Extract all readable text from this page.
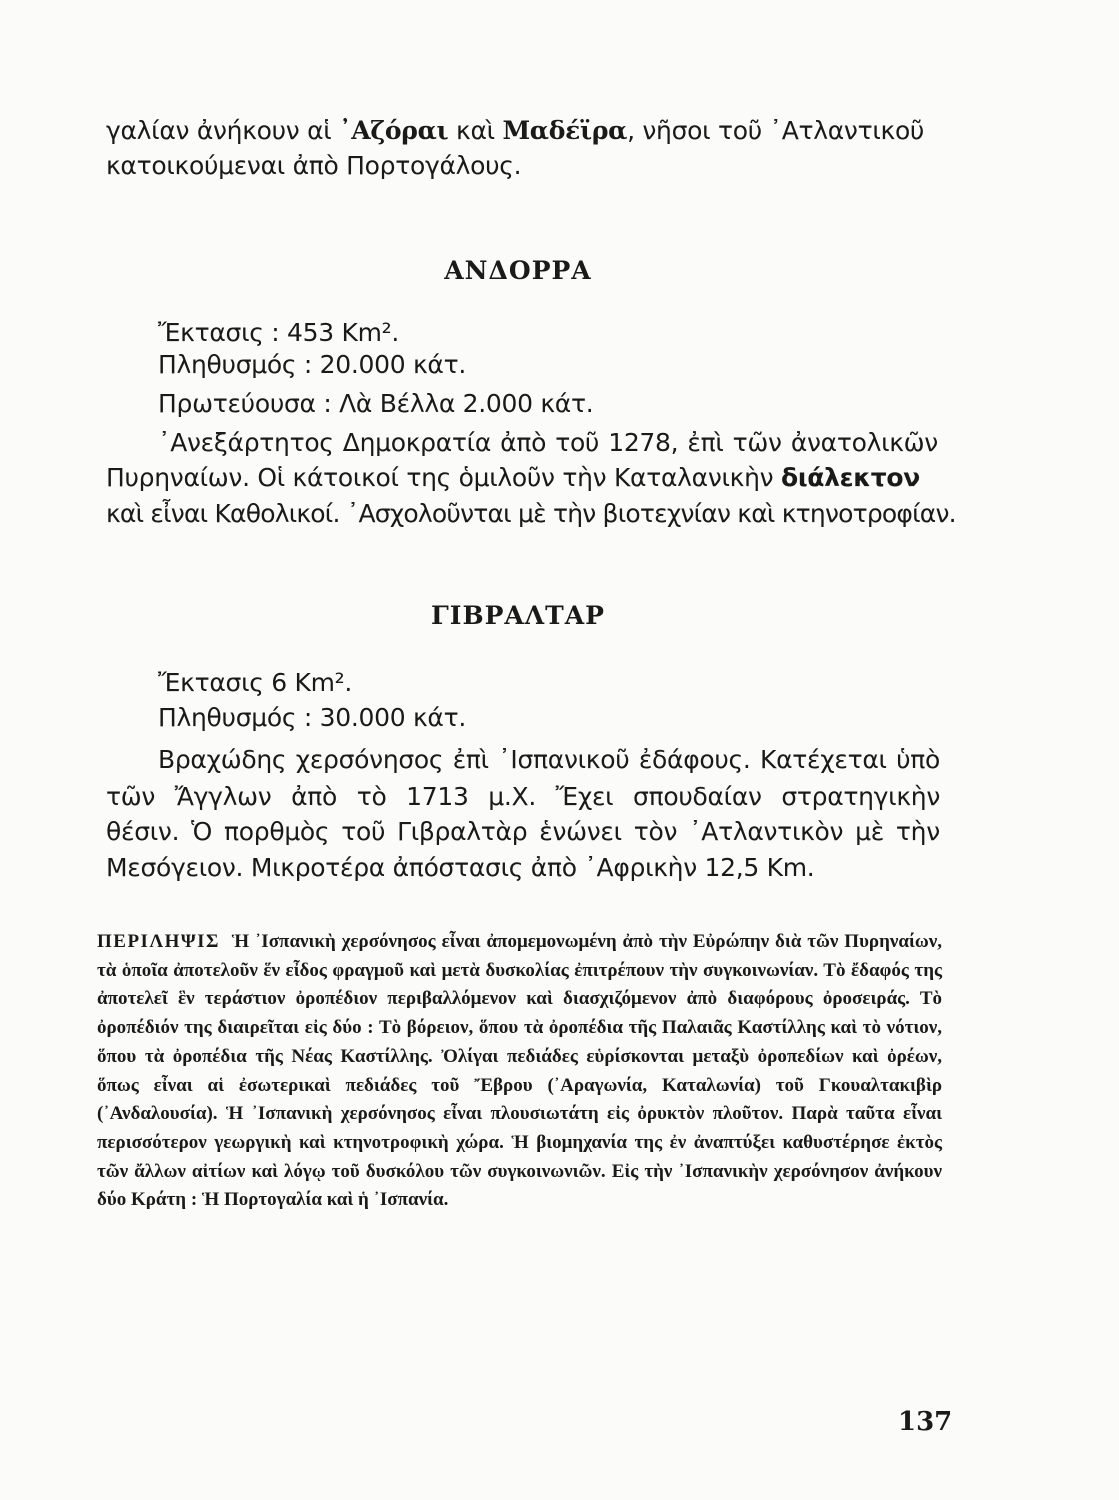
γαλίαν ἀνήκουν αἱ ᾿Αζόραι καὶ Μαδέϊρα, νῆσοι τοῦ ᾿Ατλαντικοῦ
κατοικούμεναι ἀπὸ Πορτογάλους.
ΑΝΔΟΡΡΑ
Ἔκτασις : 453 Km².
Πληθυσμός : 20.000 κάτ.
Πρωτεύουσα : Λὰ Βέλλα 2.000 κάτ.
᾿Ανεξάρτητος Δημοκρατία ἀπὸ τοῦ 1278, ἐπὶ τῶν ἀνατολικῶν
Πυρηναίων. Οἱ κάτοικοί της ὁμιλοῦν τὴν Καταλανικὴν διάλεκτον
καὶ εἶναι Καθολικοί. ᾿Ασχολοῦνται μὲ τὴν βιοτεχνίαν καὶ κτηνοτροφίαν.
ΓΙΒΡΑΛΤΑΡ
Ἔκτασις 6 Km².
Πληθυσμός : 30.000 κάτ.
Βραχώδης χερσόνησος ἐπὶ ᾿Ισπανικοῦ ἐδάφους. Κατέχεται ὑπὸ
τῶν Ἄγγλων ἀπὸ τὸ 1713 μ.Χ. Ἔχει σπουδαίαν στρατηγικὴν
θέσιν. Ὁ πορθμὸς τοῦ Γιβραλτὰρ ἑνώνει τὸν ᾿Ατλαντικὸν μὲ τὴν
Μεσόγειον. Μικροτέρα ἀπόστασις ἀπὸ ᾿Αφρικὴν 12,5 Km.
ΠΕΡΙΛΗΨΙΣ Ἡ ᾿Ισπανικὴ χερσόνησος εἶναι ἀπομεμονωμένη ἀπὸ τὴν Εὐρώπην διὰ τῶν Πυρηναίων, τὰ ὁποῖα ἀποτελοῦν ἕν εἶδος φραγμοῦ καὶ μετὰ δυσκολίας ἐπιτρέπουν τὴν συγκοινωνίαν. Τὸ ἔδαφός της ἀποτελεῖ ἓν τεράστιον ὀροπέδιον περιβαλλόμενον καὶ διασχιζόμενον ἀπὸ διαφόρους ὀροσειράς. Τὸ ὀροπέδιόν της διαιρεῖται εἰς δύο : Τὸ βόρειον, ὅπου τὰ ὀροπέδια τῆς Παλαιᾶς Καστίλλης καὶ τὸ νότιον, ὅπου τὰ ὀροπέδια τῆς Νέας Καστίλλης. Ὀλίγαι πεδιάδες εὑρίσκονται μεταξὺ ὀροπεδίων καὶ ὀρέων, ὅπως εἶναι αἱ ἐσωτερικαὶ πεδιάδες τοῦ Ἔβρου (᾿Αραγωνία, Καταλωνία) τοῦ Γκουαλτακιβὶρ (᾿Ανδαλουσία). Ἡ ᾿Ισπανικὴ χερσόνησος εἶναι πλουσιωτάτη εἰς ὀρυκτὸν πλοῦτον. Παρὰ ταῦτα εἶναι περισσότερον γεωργικὴ καὶ κτηνοτροφικὴ χώρα. Ἡ βιομηχανία της ἐν ἀναπτύξει καθυστέρησε ἐκτὸς τῶν ἄλλων αἰτίων καὶ λόγῳ τοῦ δυσκόλου τῶν συγκοινωνιῶν. Εἰς τὴν ᾿Ισπανικὴν χερσόνησον ἀνήκουν δύο Κράτη : Ἡ Πορτογαλία καὶ ἡ ᾿Ισπανία.
137
